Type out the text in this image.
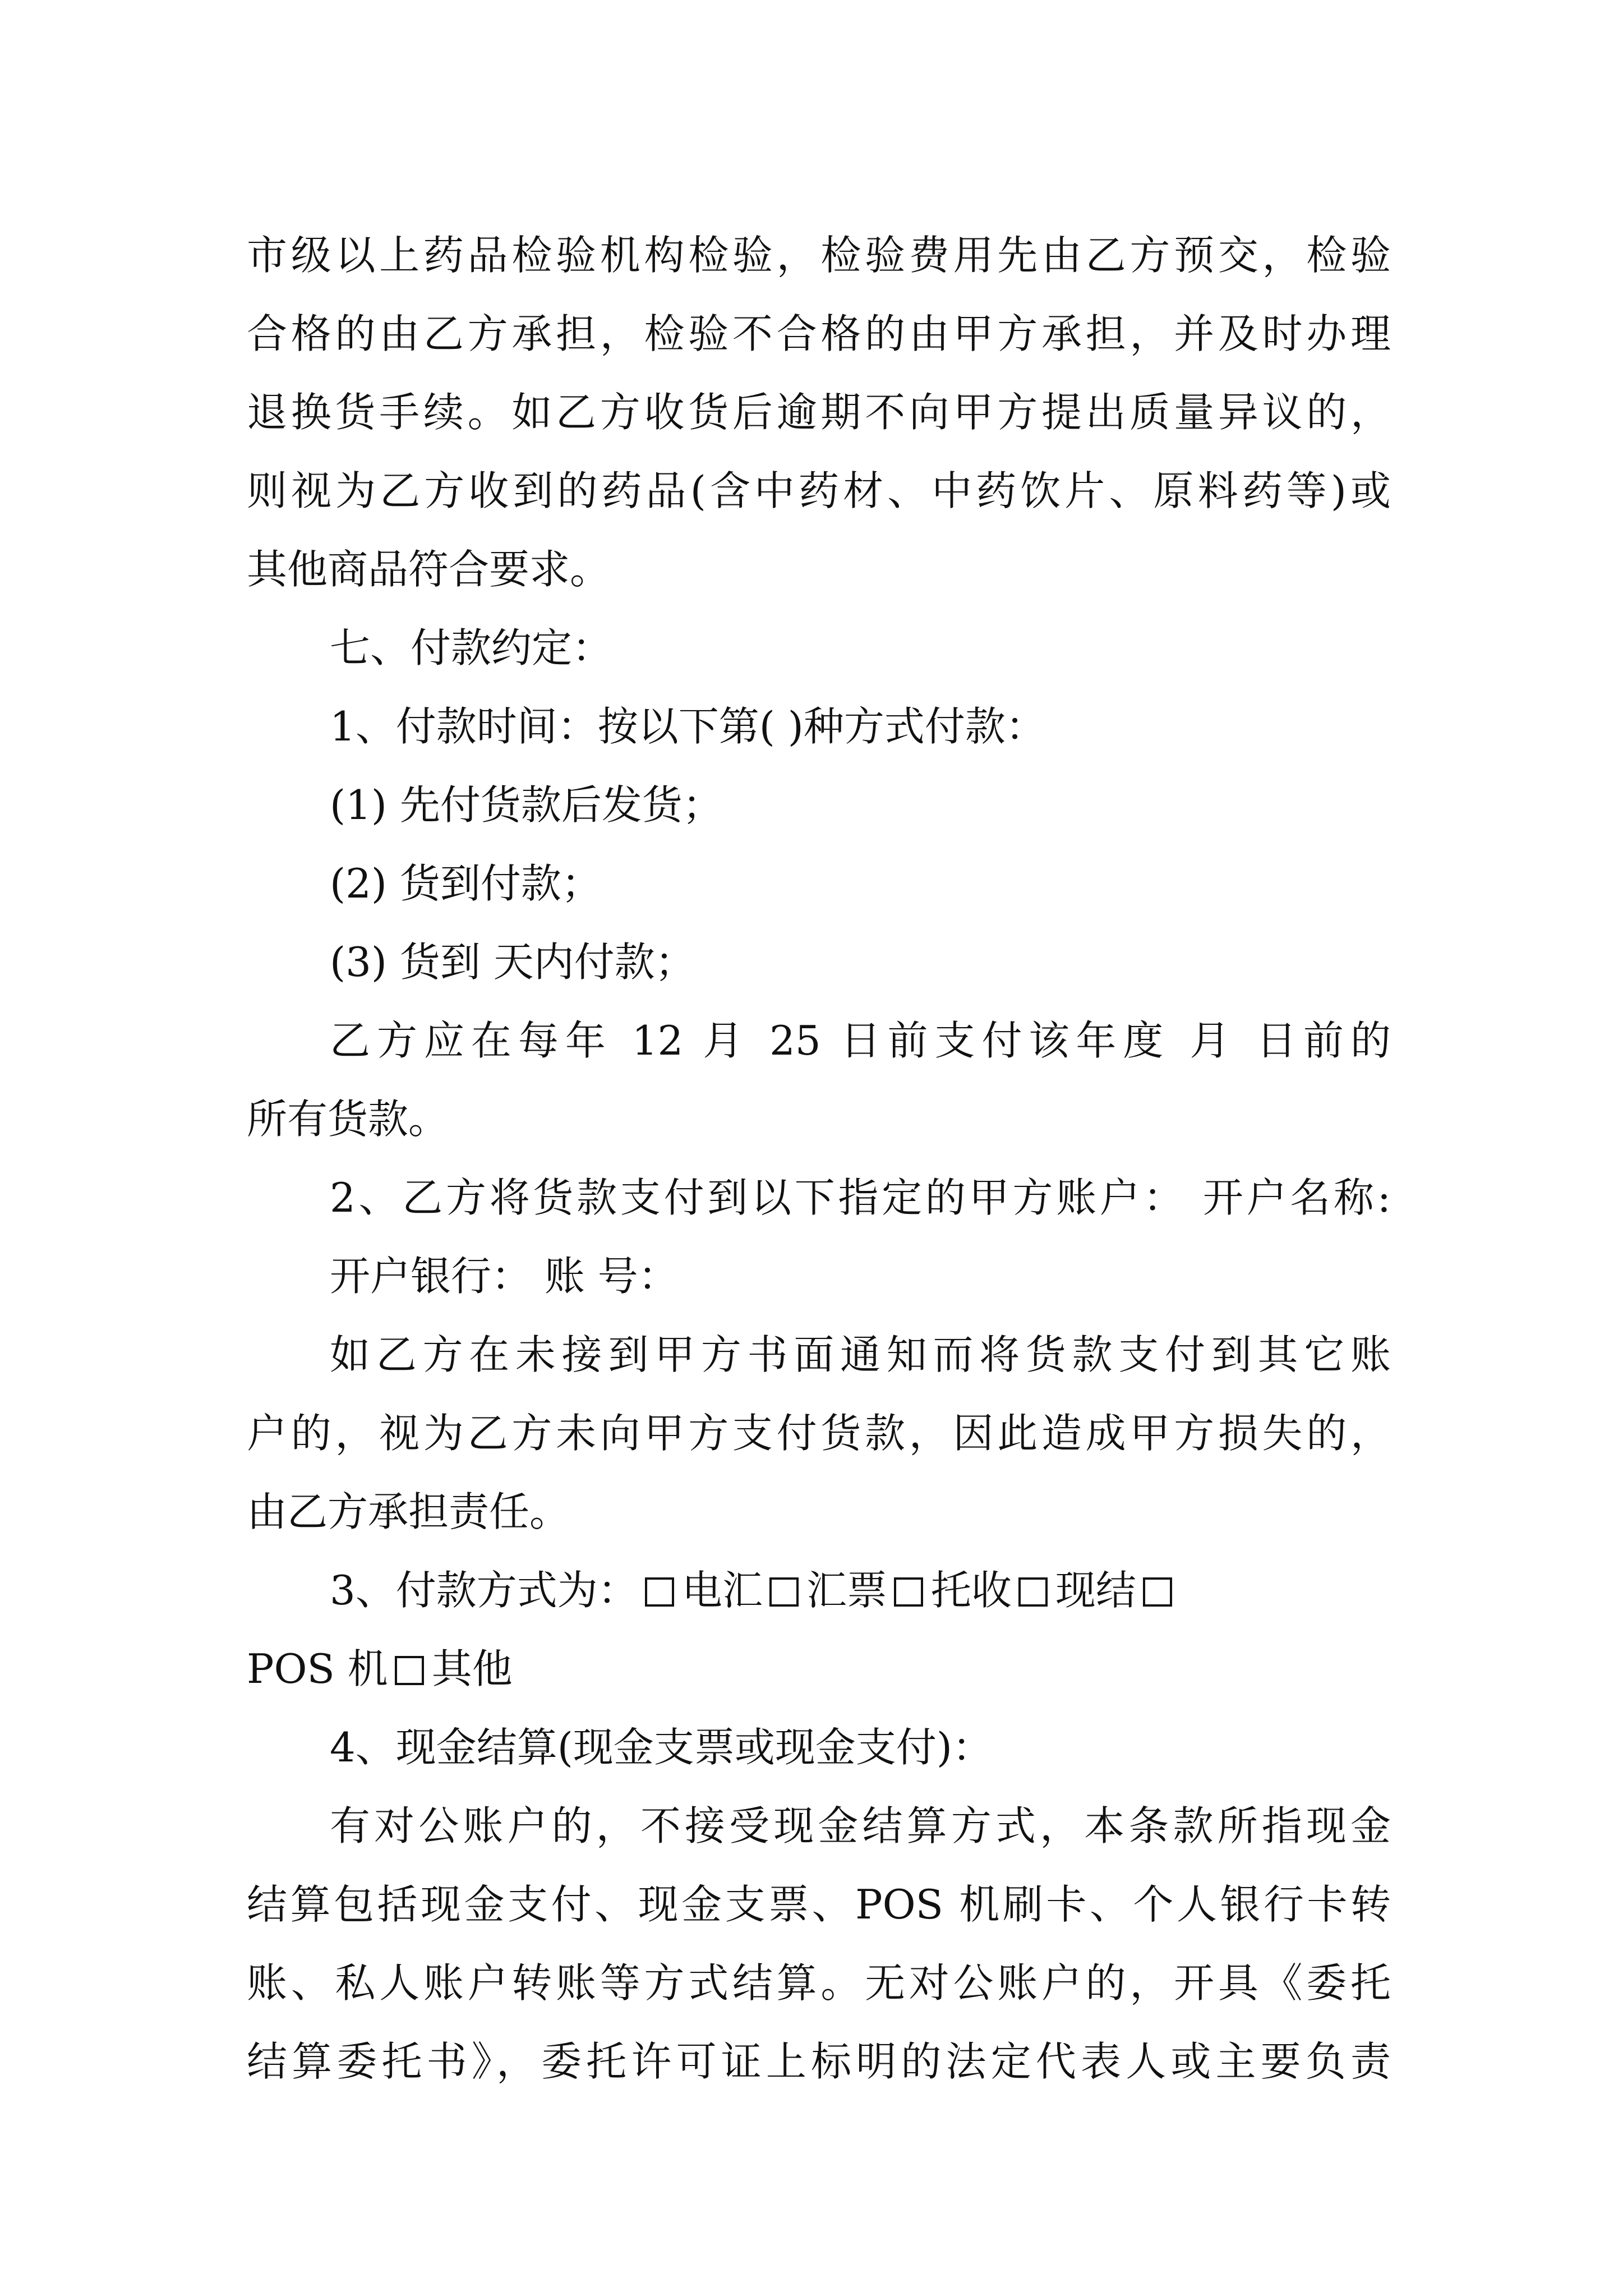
市级以上药品检验机构检验，检验费用先由乙方预交，检验
合格的由乙方承担，检验不合格的由甲方承担，并及时办理
退换货手续。如乙方收货后逾期不向甲方提出质量异议的，
则视为乙方收到的药品(含中药材、中药饮片、原料药等)或
其他商品符合要求。
七、付款约定：
1、付款时间：按以下第( )种方式付款：
(1) 先付货款后发货；
(2) 货到付款；
(3) 货到 天内付款；
乙方应在每年 12 月 25 日前支付该年度 月 日前的
所有货款。
2、乙方将货款支付到以下指定的甲方账户： 开户名称:
开户银行： 账 号：
如乙方在未接到甲方书面通知而将货款支付到其它账
户的，视为乙方未向甲方支付货款，因此造成甲方损失的，
由乙方承担责任。
3、付款方式为： 电汇 汇票 托收 现结
POS 机 其他
4、现金结算(现金支票或现金支付)：
有对公账户的，不接受现金结算方式，本条款所指现金
结算包括现金支付、现金支票、POS 机刷卡、个人银行卡转
账、私人账户转账等方式结算。无对公账户的，开具《委托
结算委托书》，委托许可证上标明的法定代表人或主要负责
